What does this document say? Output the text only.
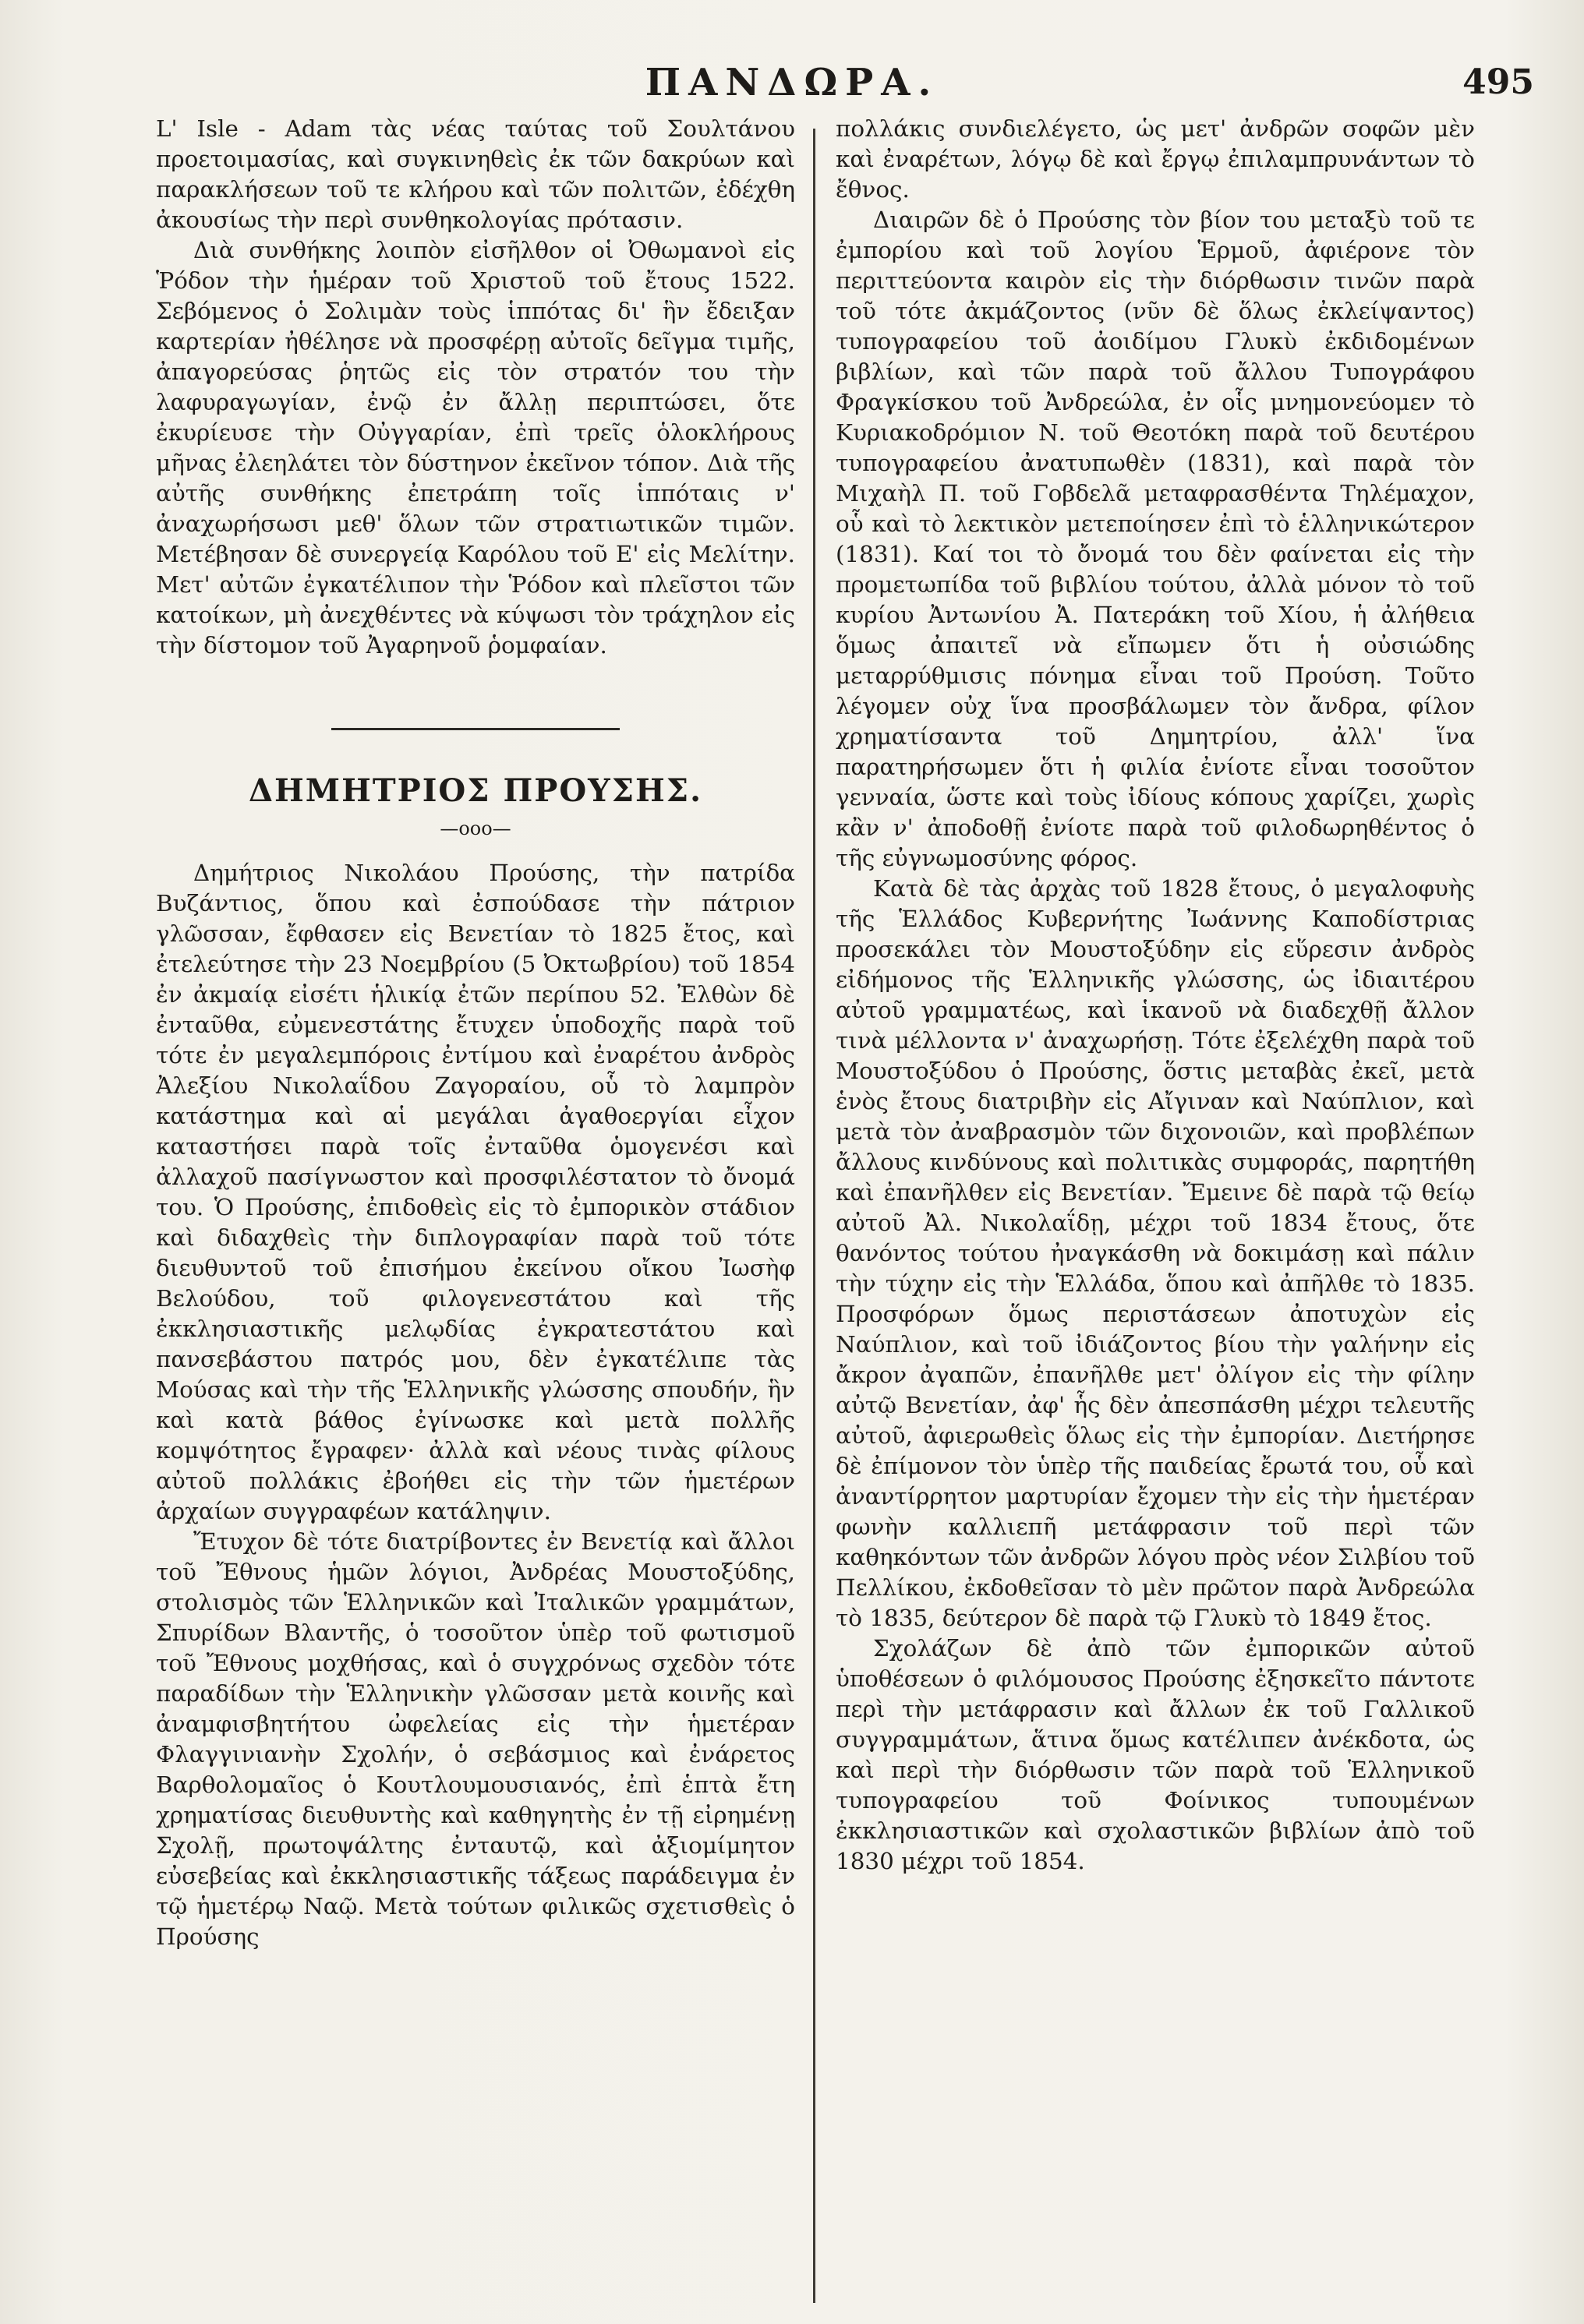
ΠΑΝΔΩΡΑ.	495

L' Isle - Adam τὰς νέας ταύτας τοῦ Σουλτάνου προετοιμασίας, καὶ συγκινηθεὶς ἐκ τῶν δακρύων καὶ παρακλήσεων τοῦ τε κλήρου καὶ τῶν πολιτῶν, ἐδέχθη ἀκουσίως τὴν περὶ συνθηκολογίας πρότασιν.

Διὰ συνθήκης λοιπὸν εἰσῆλθον οἱ Ὀθωμανοὶ εἰς Ῥόδον τὴν ἡμέραν τοῦ Χριστοῦ τοῦ ἔτους 1522. Σεβόμενος ὁ Σολιμὰν τοὺς ἱππότας δι' ἣν ἔδειξαν καρτερίαν ἠθέλησε νὰ προσφέρῃ αὐτοῖς δεῖγμα τιμῆς, ἀπαγορεύσας ῥητῶς εἰς τὸν στρατόν του τὴν λαφυραγωγίαν, ἐνῷ ἐν ἄλλῃ περιπτώσει, ὅτε ἐκυρίευσε τὴν Οὐγγαρίαν, ἐπὶ τρεῖς ὁλοκλήρους μῆνας ἐλεηλάτει τὸν δύστηνον ἐκεῖνον τόπον. Διὰ τῆς αὐτῆς συνθήκης ἐπετράπη τοῖς ἱππόταις ν' ἀναχωρήσωσι μεθ' ὅλων τῶν στρατιωτικῶν τιμῶν. Μετέβησαν δὲ συνεργείᾳ Καρόλου τοῦ Ε' εἰς Μελίτην. Μετ' αὐτῶν ἐγκατέλιπον τὴν Ῥόδον καὶ πλεῖστοι τῶν κατοίκων, μὴ ἀνεχθέντες νὰ κύψωσι τὸν τράχηλον εἰς τὴν δίστομον τοῦ Ἀγαρηνοῦ ῥομφαίαν.

ΔΗΜΗΤΡΙΟΣ ΠΡΟΥΣΗΣ.
—οοο—

Δημήτριος Νικολάου Προύσης, τὴν πατρίδα Βυζάντιος, ὅπου καὶ ἐσπούδασε τὴν πάτριον γλῶσσαν, ἔφθασεν εἰς Βενετίαν τὸ 1825 ἔτος, καὶ ἐτελεύτησε τὴν 23 Νοεμβρίου (5 Ὀκτωβρίου) τοῦ 1854 ἐν ἀκμαίᾳ εἰσέτι ἡλικίᾳ ἐτῶν περίπου 52. Ἐλθὼν δὲ ἐνταῦθα, εὐμενεστάτης ἔτυχεν ὑποδοχῆς παρὰ τοῦ τότε ἐν μεγαλεμπόροις ἐντίμου καὶ ἐναρέτου ἀνδρὸς Ἀλεξίου Νικολαΐδου Ζαγοραίου, οὗ τὸ λαμπρὸν κατάστημα καὶ αἱ μεγάλαι ἀγαθοεργίαι εἶχον καταστήσει παρὰ τοῖς ἐνταῦθα ὁμογενέσι καὶ ἀλλαχοῦ πασίγνωστον καὶ προσφιλέστατον τὸ ὄνομά του. Ὁ Προύσης, ἐπιδοθεὶς εἰς τὸ ἐμπορικὸν στάδιον καὶ διδαχθεὶς τὴν διπλογραφίαν παρὰ τοῦ τότε διευθυντοῦ τοῦ ἐπισήμου ἐκείνου οἴκου Ἰωσὴφ Βελούδου, τοῦ φιλογενεστάτου καὶ τῆς ἐκκλησιαστικῆς μελῳδίας ἐγκρατεστάτου καὶ πανσεβάστου πατρός μου, δὲν ἐγκατέλιπε τὰς Μούσας καὶ τὴν τῆς Ἑλληνικῆς γλώσσης σπουδήν, ἣν καὶ κατὰ βάθος ἐγίνωσκε καὶ μετὰ πολλῆς κομψότητος ἔγραφεν· ἀλλὰ καὶ νέους τινὰς φίλους αὐτοῦ πολλάκις ἐβοήθει εἰς τὴν τῶν ἡμετέρων ἀρχαίων συγγραφέων κατάληψιν.

Ἔτυχον δὲ τότε διατρίβοντες ἐν Βενετίᾳ καὶ ἄλλοι τοῦ Ἔθνους ἡμῶν λόγιοι, Ἀνδρέας Μουστοξύδης, στολισμὸς τῶν Ἑλληνικῶν καὶ Ἰταλικῶν γραμμάτων, Σπυρίδων Βλαντῆς, ὁ τοσοῦτον ὑπὲρ τοῦ φωτισμοῦ τοῦ Ἔθνους μοχθήσας, καὶ ὁ συγχρόνως σχεδὸν τότε παραδίδων τὴν Ἑλληνικὴν γλῶσσαν μετὰ κοινῆς καὶ ἀναμφισβητήτου ὠφελείας εἰς τὴν ἡμετέραν Φλαγγινιανὴν Σχολήν, ὁ σεβάσμιος καὶ ἐνάρετος Βαρθολομαῖος ὁ Κουτλουμουσιανός, ἐπὶ ἑπτὰ ἔτη χρηματίσας διευθυντὴς καὶ καθηγητὴς ἐν τῇ εἰρημένῃ Σχολῇ, πρωτοψάλτης ἐνταυτῷ, καὶ ἀξιομίμητον εὐσεβείας καὶ ἐκκλησιαστικῆς τάξεως παράδειγμα ἐν τῷ ἡμετέρῳ Ναῷ. Μετὰ τούτων φιλικῶς σχετισθεὶς ὁ Προύσης

πολλάκις συνδιελέγετο, ὡς μετ' ἀνδρῶν σοφῶν μὲν καὶ ἐναρέτων, λόγῳ δὲ καὶ ἔργῳ ἐπιλαμπρυνάντων τὸ ἔθνος.

Διαιρῶν δὲ ὁ Προύσης τὸν βίον του μεταξὺ τοῦ τε ἐμπορίου καὶ τοῦ λογίου Ἑρμοῦ, ἀφιέρονε τὸν περιττεύοντα καιρὸν εἰς τὴν διόρθωσιν τινῶν παρὰ τοῦ τότε ἀκμάζοντος (νῦν δὲ ὅλως ἐκλείψαντος) τυπογραφείου τοῦ ἀοιδίμου Γλυκὺ ἐκδιδομένων βιβλίων, καὶ τῶν παρὰ τοῦ ἄλλου Τυπογράφου Φραγκίσκου τοῦ Ἀνδρεώλα, ἐν οἷς μνημονεύομεν τὸ Κυριακοδρόμιον Ν. τοῦ Θεοτόκη παρὰ τοῦ δευτέρου τυπογραφείου ἀνατυπωθὲν (1831), καὶ παρὰ τὸν Μιχαὴλ Π. τοῦ Γοβδελᾶ μεταφρασθέντα Τηλέμαχον, οὗ καὶ τὸ λεκτικὸν μετεποίησεν ἐπὶ τὸ ἑλληνικώτερον (1831). Καί τοι τὸ ὄνομά του δὲν φαίνεται εἰς τὴν προμετωπίδα τοῦ βιβλίου τούτου, ἀλλὰ μόνον τὸ τοῦ κυρίου Ἀντωνίου Ἀ. Πατεράκη τοῦ Χίου, ἡ ἀλήθεια ὅμως ἀπαιτεῖ νὰ εἴπωμεν ὅτι ἡ οὐσιώδης μεταρρύθμισις πόνημα εἶναι τοῦ Προύση. Τοῦτο λέγομεν οὐχ ἵνα προσβάλωμεν τὸν ἄνδρα, φίλον χρηματίσαντα τοῦ Δημητρίου, ἀλλ' ἵνα παρατηρήσωμεν ὅτι ἡ φιλία ἐνίοτε εἶναι τοσοῦτον γενναία, ὥστε καὶ τοὺς ἰδίους κόπους χαρίζει, χωρὶς κἂν ν' ἀποδοθῇ ἐνίοτε παρὰ τοῦ φιλοδωρηθέντος ὁ τῆς εὐγνωμοσύνης φόρος.

Κατὰ δὲ τὰς ἀρχὰς τοῦ 1828 ἔτους, ὁ μεγαλοφυὴς τῆς Ἑλλάδος Κυβερνήτης Ἰωάννης Καποδίστριας προσεκάλει τὸν Μουστοξύδην εἰς εὕρεσιν ἀνδρὸς εἰδήμονος τῆς Ἑλληνικῆς γλώσσης, ὡς ἰδιαιτέρου αὐτοῦ γραμματέως, καὶ ἱκανοῦ νὰ διαδεχθῇ ἄλλον τινὰ μέλλοντα ν' ἀναχωρήσῃ. Τότε ἐξελέχθη παρὰ τοῦ Μουστοξύδου ὁ Προύσης, ὅστις μεταβὰς ἐκεῖ, μετὰ ἑνὸς ἔτους διατριβὴν εἰς Αἴγιναν καὶ Ναύπλιον, καὶ μετὰ τὸν ἀναβρασμὸν τῶν διχονοιῶν, καὶ προβλέπων ἄλλους κινδύνους καὶ πολιτικὰς συμφοράς, παρητήθη καὶ ἐπανῆλθεν εἰς Βενετίαν. Ἔμεινε δὲ παρὰ τῷ θείῳ αὐτοῦ Ἀλ. Νικολαΐδῃ, μέχρι τοῦ 1834 ἔτους, ὅτε θανόντος τούτου ἠναγκάσθη νὰ δοκιμάσῃ καὶ πάλιν τὴν τύχην εἰς τὴν Ἑλλάδα, ὅπου καὶ ἀπῆλθε τὸ 1835. Προσφόρων ὅμως περιστάσεων ἀποτυχὼν εἰς Ναύπλιον, καὶ τοῦ ἰδιάζοντος βίου τὴν γαλήνην εἰς ἄκρον ἀγαπῶν, ἐπανῆλθε μετ' ὀλίγον εἰς τὴν φίλην αὐτῷ Βενετίαν, ἀφ' ἧς δὲν ἀπεσπάσθη μέχρι τελευτῆς αὐτοῦ, ἀφιερωθεὶς ὅλως εἰς τὴν ἐμπορίαν. Διετήρησε δὲ ἐπίμονον τὸν ὑπὲρ τῆς παιδείας ἔρωτά του, οὗ καὶ ἀναντίρρητον μαρτυρίαν ἔχομεν τὴν εἰς τὴν ἡμετέραν φωνὴν καλλιεπῆ μετάφρασιν τοῦ περὶ τῶν καθηκόντων τῶν ἀνδρῶν λόγου πρὸς νέον Σιλβίου τοῦ Πελλίκου, ἐκδοθεῖσαν τὸ μὲν πρῶτον παρὰ Ἀνδρεώλα τὸ 1835, δεύτερον δὲ παρὰ τῷ Γλυκὺ τὸ 1849 ἔτος.

Σχολάζων δὲ ἀπὸ τῶν ἐμπορικῶν αὐτοῦ ὑποθέσεων ὁ φιλόμουσος Προύσης ἐξησκεῖτο πάντοτε περὶ τὴν μετάφρασιν καὶ ἄλλων ἐκ τοῦ Γαλλικοῦ συγγραμμάτων, ἅτινα ὅμως κατέλιπεν ἀνέκδοτα, ὡς καὶ περὶ τὴν διόρθωσιν τῶν παρὰ τοῦ Ἑλληνικοῦ τυπογραφείου τοῦ Φοίνικος τυπουμένων ἐκκλησιαστικῶν καὶ σχολαστικῶν βιβλίων ἀπὸ τοῦ 1830 μέχρι τοῦ 1854.
